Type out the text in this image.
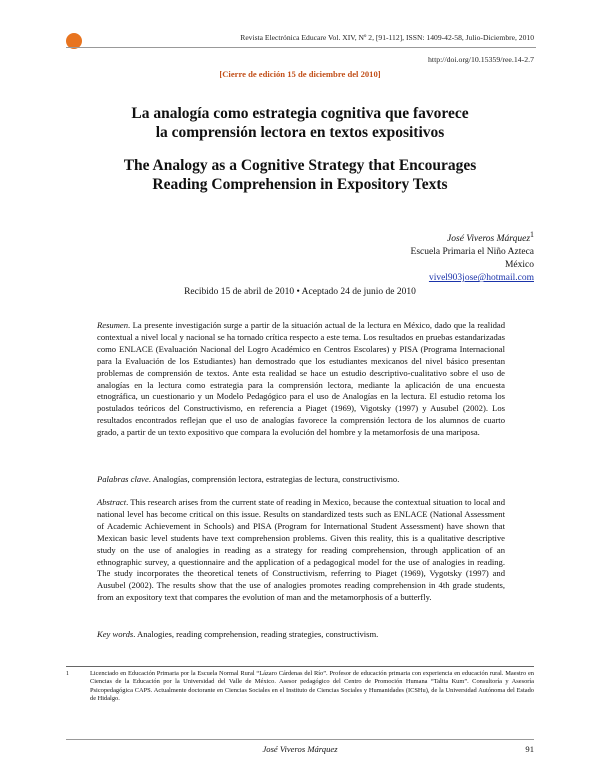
Revista Electrónica Educare Vol. XIV, Nº 2, [91-112], ISSN: 1409-42-58, Julio-Diciembre, 2010
http://doi.org/10.15359/ree.14-2.7
[Cierre de edición 15 de diciembre del 2010]
La analogía como estrategia cognitiva que favorece
la comprensión lectora en textos expositivos
The Analogy as a Cognitive Strategy that Encourages
Reading Comprehension in Expository Texts
José Viveros Márquez$^1$
Escuela Primaria el Niño Azteca
México
vivel903jose@hotmail.com
Recibido 15 de abril de 2010 • Aceptado 24 de junio de 2010
Resumen. La presente investigación surge a partir de la situación actual de la lectura en México, dado que la realidad contextual a nivel local y nacional se ha tornado crítica respecto a este tema. Los resultados en pruebas estandarizadas como ENLACE (Evaluación Nacional del Logro Académico en Centros Escolares) y PISA (Programa Internacional para la Evaluación de los Estudiantes) han demostrado que los estudiantes mexicanos del nivel básico presentan problemas de comprensión de textos. Ante esta realidad se hace un estudio descriptivo-cualitativo sobre el uso de analogías en la lectura como estrategia para la comprensión lectora, mediante la aplicación de una encuesta etnográfica, un cuestionario y un Modelo Pedagógico para el uso de Analogías en la lectura. El estudio retoma los postulados teóricos del Constructivismo, en referencia a Piaget (1969), Vigotsky (1997) y Ausubel (2002). Los resultados encontrados reflejan que el uso de analogías favorece la comprensión lectora de los alumnos de cuarto grado, a partir de un texto expositivo que compara la evolución del hombre y la metamorfosis de una mariposa.
Palabras clave. Analogías, comprensión lectora, estrategias de lectura, constructivismo.
Abstract. This research arises from the current state of reading in Mexico, because the contextual situation to local and national level has become critical on this issue. Results on standardized tests such as ENLACE (National Assessment of Academic Achievement in Schools) and PISA (Program for International Student Assessment) have shown that Mexican basic level students have text comprehension problems. Given this reality, this is a qualitative descriptive study on the use of analogies in reading as a strategy for reading comprehension, through application of an ethnographic survey, a questionnaire and the application of a pedagogical model for the use of analogies in reading. The study incorporates the theoretical tenets of Constructivism, referring to Piaget (1969), Vygotsky (1997) and Ausubel (2002). The results show that the use of analogies promotes reading comprehension in 4th grade students, from an expository text that compares the evolution of man and the metamorphosis of a butterfly.
Key words. Analogies, reading comprehension, reading strategies, constructivism.
1	Licenciado en Educación Primaria por la Escuela Normal Rural “Lázaro Cárdenas del Río”. Profesor de educación primaria con experiencia en educación rural. Maestro en Ciencias de la Educación por la Universidad del Valle de México. Asesor pedagógico del Centro de Promoción Humana “Talita Kum”. Consultoría y Asesoría Psicopedagógica CAPS. Actualmente doctorante en Ciencias Sociales en el Instituto de Ciencias Sociales y Humanidades (ICSHu), de la Universidad Autónoma del Estado de Hidalgo.
José Viveros Márquez	91
